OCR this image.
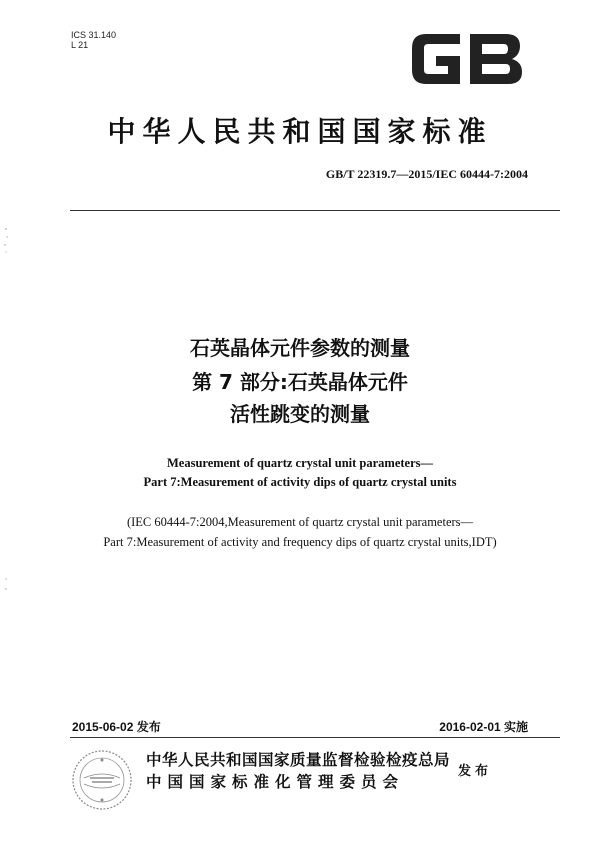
ICS 31.140
L 21
中华人民共和国国家标准
GB/T 22319.7—2015/IEC 60444-7:2004
石英晶体元件参数的测量
第 7 部分:石英晶体元件
活性跳变的测量
Measurement of quartz crystal unit parameters—
Part 7:Measurement of activity dips of quartz crystal units
(IEC 60444-7:2004,Measurement of quartz crystal unit parameters—
Part 7:Measurement of activity and frequency dips of quartz crystal units,IDT)
2015-06-02 发布	2016-02-01 实施
中华人民共和国国家质量监督检验检疫总局
中国国家标准化管理委员会
发布
